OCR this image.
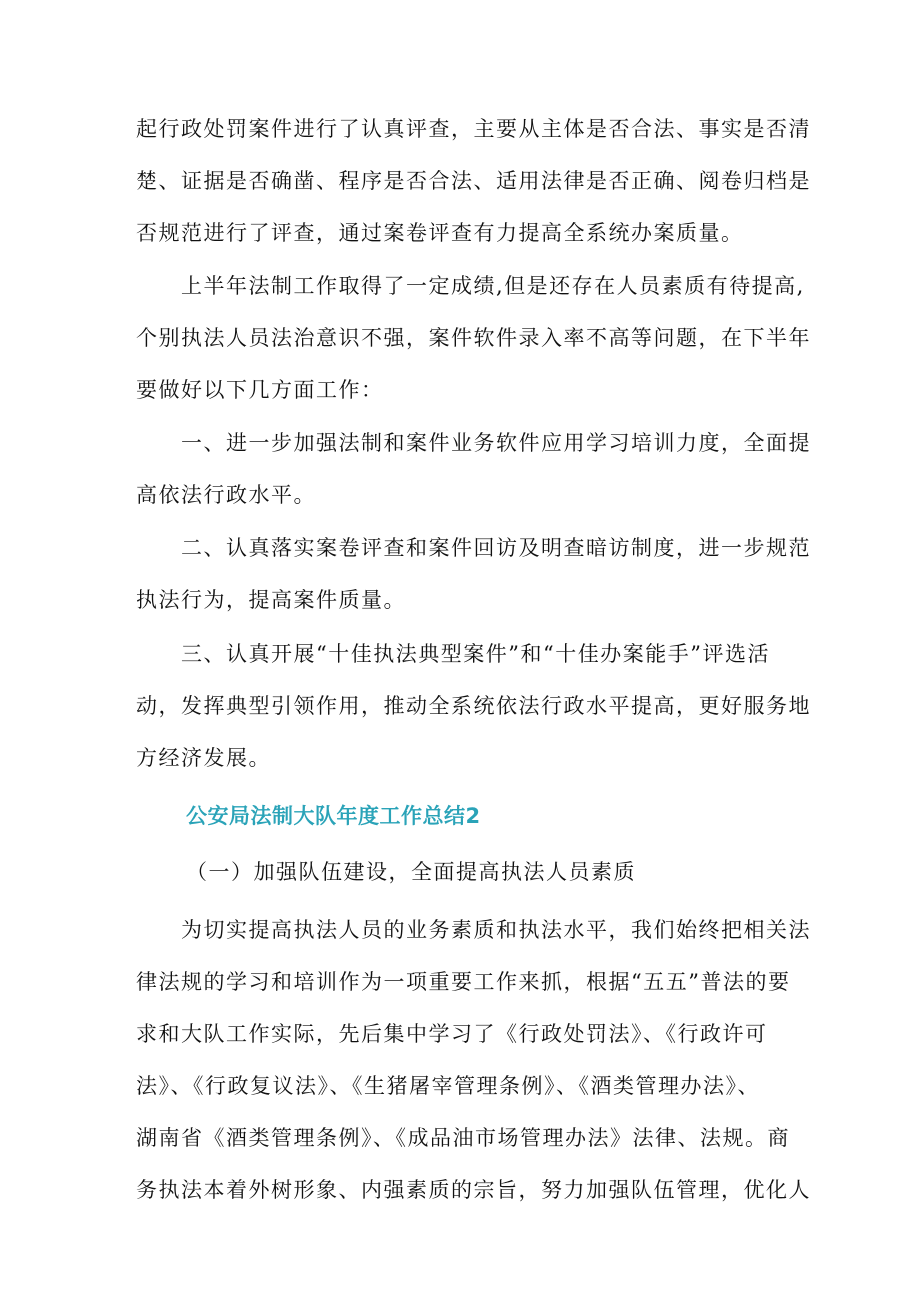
起行政处罚案件进行了认真评查，主要从主体是否合法、事实是否清
楚、证据是否确凿、程序是否合法、适用法律是否正确、阅卷归档是
否规范进行了评查，通过案卷评查有力提高全系统办案质量。
　　上半年法制工作取得了一定成绩,但是还存在人员素质有待提高,
个别执法人员法治意识不强，案件软件录入率不高等问题，在下半年
要做好以下几方面工作：
　　一、进一步加强法制和案件业务软件应用学习培训力度，全面提
高依法行政水平。
　　二、认真落实案卷评查和案件回访及明查暗访制度，进一步规范
执法行为，提高案件质量。
　　三、认真开展“十佳执法典型案件”和“十佳办案能手”评选活
动，发挥典型引领作用，推动全系统依法行政水平提高，更好服务地
方经济发展。
公安局法制大队年度工作总结2
（一）加强队伍建设，全面提高执法人员素质
　　为切实提高执法人员的业务素质和执法水平，我们始终把相关法
律法规的学习和培训作为一项重要工作来抓，根据“五五”普法的要
求和大队工作实际，先后集中学习了《行政处罚法》、《行政许可
法》、《行政复议法》、《生猪屠宰管理条例》、《酒类管理办法》、
湖南省《酒类管理条例》、《成品油市场管理办法》法律、法规。商
务执法本着外树形象、内强素质的宗旨，努力加强队伍管理，优化人
